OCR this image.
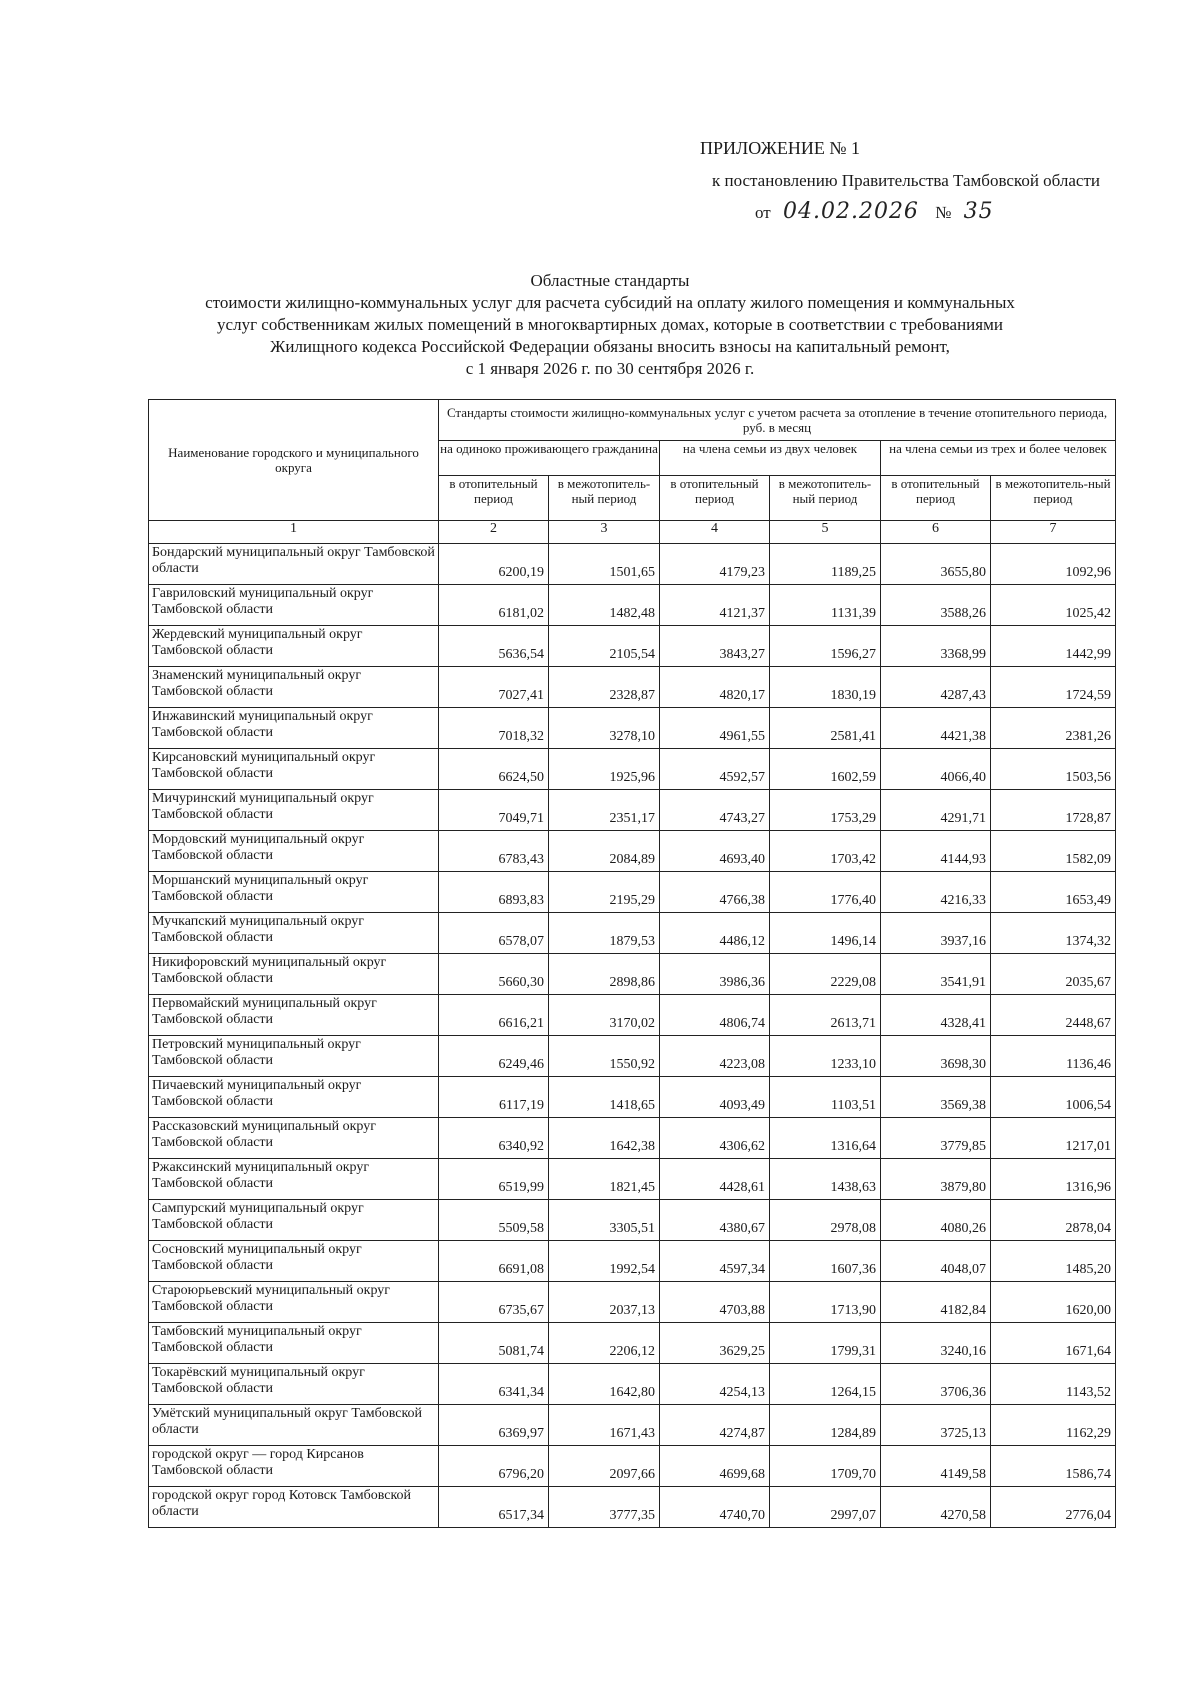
ПРИЛОЖЕНИЕ № 1
к постановлению Правительства Тамбовской области
от 04.02.2026 № 35
Областные стандарты
стоимости жилищно-коммунальных услуг для расчета субсидий на оплату жилого помещения и коммунальных
услуг собственникам жилых помещений в многоквартирных домах, которые в соответствии с требованиями
Жилищного кодекса Российской Федерации обязаны вносить взносы на капитальный ремонт,
с 1 января 2026 г. по 30 сентября 2026 г.
Наименование городского и муниципального округа	Стандарты стоимости жилищно-коммунальных услуг с учетом расчета за отопление в течение отопительного периода, руб. в месяц					
	на одиноко проживающего гражданина		на члена семьи из двух человек		на члена семьи из трех и более человек	
	в отопительный период	в межотопитель-ный период	в отопительный период	в межотопитель-ный период	в отопительный период	в межотопитель-ный период
1	2	3	4	5	6	7
Бондарский муниципальный округ Тамбовской области	6200,19	1501,65	4179,23	1189,25	3655,80	1092,96
Гавриловский муниципальный округ Тамбовской области	6181,02	1482,48	4121,37	1131,39	3588,26	1025,42
Жердевский муниципальный округ Тамбовской области	5636,54	2105,54	3843,27	1596,27	3368,99	1442,99
Знаменский муниципальный округ Тамбовской области	7027,41	2328,87	4820,17	1830,19	4287,43	1724,59
Инжавинский муниципальный округ Тамбовской области	7018,32	3278,10	4961,55	2581,41	4421,38	2381,26
Кирсановский муниципальный округ Тамбовской области	6624,50	1925,96	4592,57	1602,59	4066,40	1503,56
Мичуринский муниципальный округ Тамбовской области	7049,71	2351,17	4743,27	1753,29	4291,71	1728,87
Мордовский муниципальный округ Тамбовской области	6783,43	2084,89	4693,40	1703,42	4144,93	1582,09
Моршанский муниципальный округ Тамбовской области	6893,83	2195,29	4766,38	1776,40	4216,33	1653,49
Мучкапский муниципальный округ Тамбовской области	6578,07	1879,53	4486,12	1496,14	3937,16	1374,32
Никифоровский муниципальный округ Тамбовской области	5660,30	2898,86	3986,36	2229,08	3541,91	2035,67
Первомайский муниципальный округ Тамбовской области	6616,21	3170,02	4806,74	2613,71	4328,41	2448,67
Петровский муниципальный округ Тамбовской области	6249,46	1550,92	4223,08	1233,10	3698,30	1136,46
Пичаевский муниципальный округ Тамбовской области	6117,19	1418,65	4093,49	1103,51	3569,38	1006,54
Рассказовский муниципальный округ Тамбовской области	6340,92	1642,38	4306,62	1316,64	3779,85	1217,01
Ржаксинский муниципальный округ Тамбовской области	6519,99	1821,45	4428,61	1438,63	3879,80	1316,96
Сампурский муниципальный округ Тамбовской области	5509,58	3305,51	4380,67	2978,08	4080,26	2878,04
Сосновский муниципальный округ Тамбовской области	6691,08	1992,54	4597,34	1607,36	4048,07	1485,20
Староюрьевский муниципальный округ Тамбовской области	6735,67	2037,13	4703,88	1713,90	4182,84	1620,00
Тамбовский муниципальный округ Тамбовской области	5081,74	2206,12	3629,25	1799,31	3240,16	1671,64
Токарёвский муниципальный округ Тамбовской области	6341,34	1642,80	4254,13	1264,15	3706,36	1143,52
Умётский муниципальный округ Тамбовской области	6369,97	1671,43	4274,87	1284,89	3725,13	1162,29
городской округ — город Кирсанов Тамбовской области	6796,20	2097,66	4699,68	1709,70	4149,58	1586,74
городской округ город Котовск Тамбовской области	6517,34	3777,35	4740,70	2997,07	4270,58	2776,04
